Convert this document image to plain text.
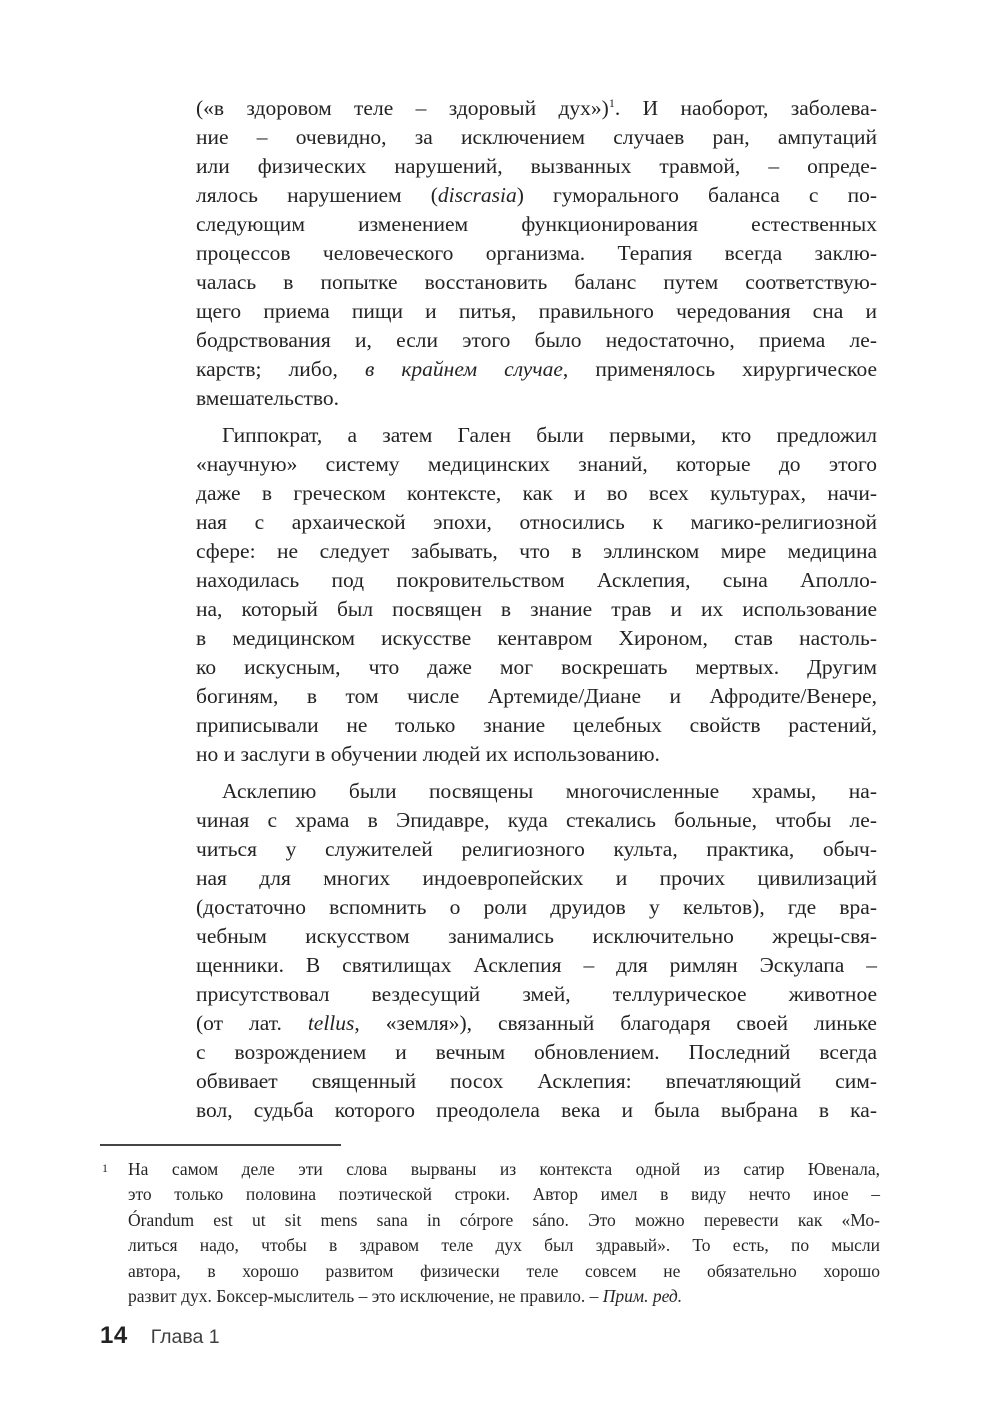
(«в здоровом теле – здоровый дух»)$^1$. И наоборот, заболева-
ние – очевидно, за исключением случаев ран, ампутаций
или физических нарушений, вызванных травмой, – опреде-
лялось нарушением (discrasia) гуморального баланса с по-
следующим изменением функционирования естественных
процессов человеческого организма. Терапия всегда заклю-
чалась в попытке восстановить баланс путем соответствую-
щего приема пищи и питья, правильного чередования сна и
бодрствования и, если этого было недостаточно, приема ле-
карств; либо, в крайнем случае, применялось хирургическое
вмешательство.
Гиппократ, а затем Гален были первыми, кто предложил
«научную» систему медицинских знаний, которые до этого
даже в греческом контексте, как и во всех культурах, начи-
ная с архаической эпохи, относились к магико-религиозной
сфере: не следует забывать, что в эллинском мире медицина
находилась под покровительством Асклепия, сына Аполло-
на, который был посвящен в знание трав и их использование
в медицинском искусстве кентавром Хироном, став настоль-
ко искусным, что даже мог воскрешать мертвых. Другим
богиням, в том числе Артемиде/Диане и Афродите/Венере,
приписывали не только знание целебных свойств растений,
но и заслуги в обучении людей их использованию.
Асклепию были посвящены многочисленные храмы, на-
чиная с храма в Эпидавре, куда стекались больные, чтобы ле-
читься у служителей религиозного культа, практика, обыч-
ная для многих индоевропейских и прочих цивилизаций
(достаточно вспомнить о роли друидов у кельтов), где вра-
чебным искусством занимались исключительно жрецы-свя-
щенники. В святилищах Асклепия – для римлян Эскулапа –
присутствовал вездесущий змей, теллурическое животное
(от лат. tellus, «земля»), связанный благодаря своей линьке
с возрождением и вечным обновлением. Последний всегда
обвивает священный посох Асклепия: впечатляющий сим-
вол, судьба которого преодолела века и была выбрана в ка-
1 На самом деле эти слова вырваны из контекста одной из сатир Ювенала,
это только половина поэтической строки. Автор имел в виду нечто иное –
Órandum est ut sit mens sana in córpore sáno. Это можно перевести как «Мо-
литься надо, чтобы в здравом теле дух был здравый». То есть, по мысли
автора, в хорошо развитом физически теле совсем не обязательно хорошо
развит дух. Боксер-мыслитель – это исключение, не правило. – Прим. ред.
14 Глава 1
